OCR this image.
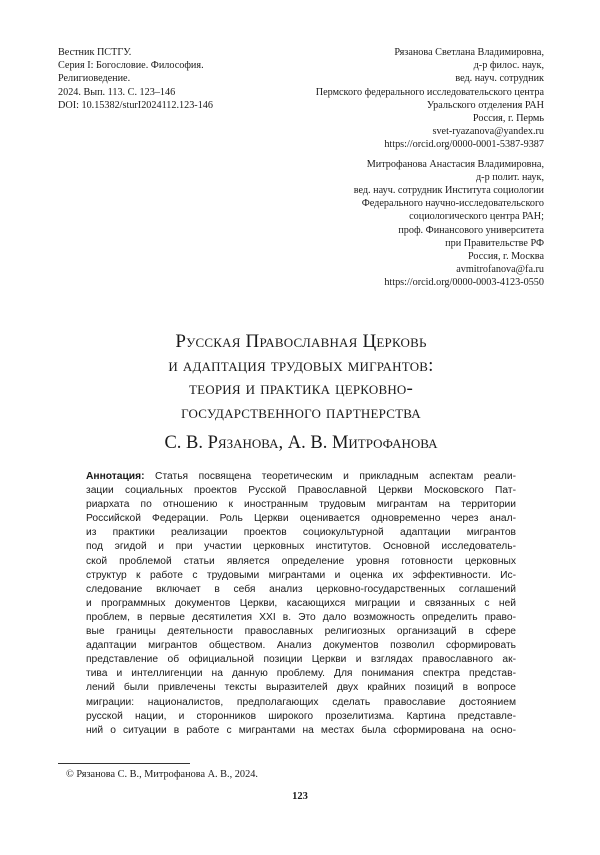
Вестник ПСТГУ.
Серия I: Богословие. Философия.
Религиоведение.
2024. Вып. 113. С. 123–146
DOI: 10.15382/sturI2024112.123-146
Рязанова Светлана Владимировна,
д-р филос. наук,
вед. науч. сотрудник
Пермского федерального исследовательского центра
Уральского отделения РАН
Россия, г. Пермь
svet-ryazanova@yandex.ru
https://orcid.org/0000-0001-5387-9387
Митрофанова Анастасия Владимировна,
д-р полит. наук,
вед. науч. сотрудник Института социологии
Федерального научно-исследовательского
социологического центра РАН;
проф. Финансового университета
при Правительстве РФ
Россия, г. Москва
avmitrofanova@fa.ru
https://orcid.org/0000-0003-4123-0550
Русская Православная Церковь
и адаптация трудовых мигрантов:
теория и практика церковно-
государственного партнерства
С. В. Рязанова, А. В. Митрофанова
Аннотация: Статья посвящена теоретическим и прикладным аспектам реали-
зации социальных проектов Русской Православной Церкви Московского Пат-
риархата по отношению к иностранным трудовым мигрантам на территории
Российской Федерации. Роль Церкви оценивается одновременно через анал-
из практики реализации проектов социокультурной адаптации мигрантов
под эгидой и при участии церковных институтов. Основной исследователь-
ской проблемой статьи является определение уровня готовности церковных
структур к работе с трудовыми мигрантами и оценка их эффективности. Ис-
следование включает в себя анализ церковно-государственных соглашений
и программных документов Церкви, касающихся миграции и связанных с ней
проблем, в первые десятилетия XXI в. Это дало возможность определить право-
вые границы деятельности православных религиозных организаций в сфере
адаптации мигрантов обществом. Анализ документов позволил сформировать
представление об официальной позиции Церкви и взглядах православного ак-
тива и интеллигенции на данную проблему. Для понимания спектра представ-
лений были привлечены тексты выразителей двух крайних позиций в вопросе
миграции: националистов, предполагающих сделать православие достоянием
русской нации, и сторонников широкого прозелитизма. Картина представле-
ний о ситуации в работе с мигрантами на местах была сформирована на осно-
© Рязанова С. В., Митрофанова А. В., 2024.
123
